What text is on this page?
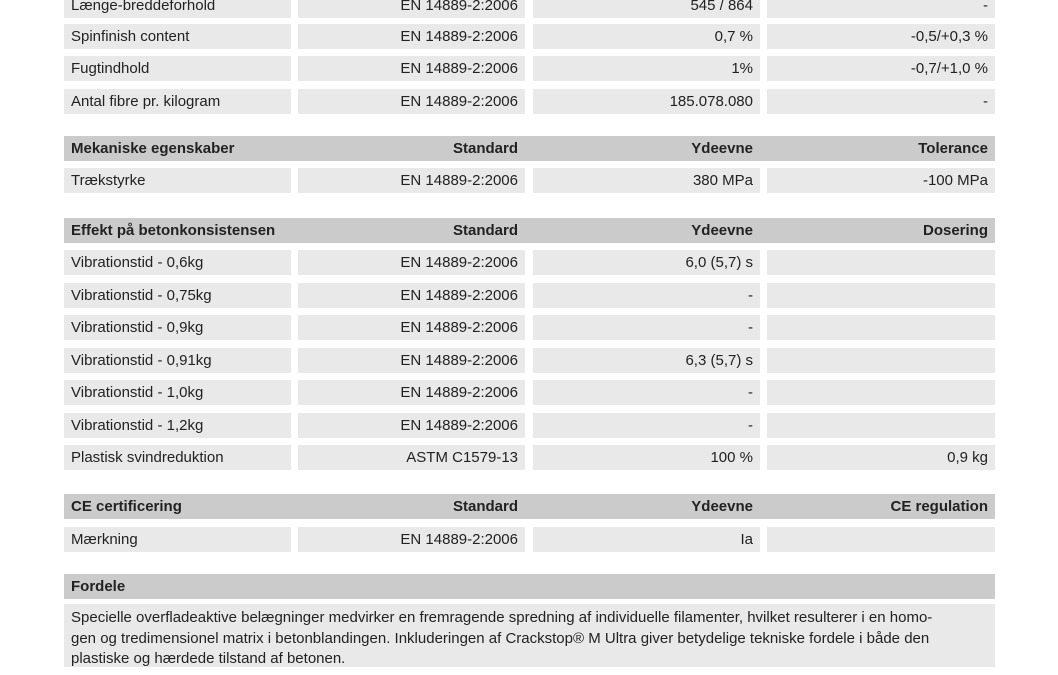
Længe-breddeforhold	EN 14889-2:2006	545 / 864	-
Spinfinish content	EN 14889-2:2006	0,7 %	-0,5/+0,3 %
Fugtindhold	EN 14889-2:2006	1%	-0,7/+1,0 %
Antal fibre pr. kilogram	EN 14889-2:2006	185.078.080	-
Mekaniske egenskaber	Standard	Ydeevne	Tolerance
Trækstyrke	EN 14889-2:2006	380 MPa	-100 MPa
Effekt på betonkonsistensen	Standard	Ydeevne	Dosering
Vibrationstid - 0,6kg	EN 14889-2:2006	6,0 (5,7) s
Vibrationstid - 0,75kg	EN 14889-2:2006	-
Vibrationstid - 0,9kg	EN 14889-2:2006	-
Vibrationstid - 0,91kg	EN 14889-2:2006	6,3 (5,7) s
Vibrationstid - 1,0kg	EN 14889-2:2006	-
Vibrationstid - 1,2kg	EN 14889-2:2006	-
Plastisk svindreduktion	ASTM C1579-13	100 %	0,9 kg
CE certificering	Standard	Ydeevne	CE regulation
Mærkning	EN 14889-2:2006	Ia
Fordele
Specielle overfladeaktive belægninger medvirker en fremragende spredning af individuelle filamenter, hvilket resulterer i en homo-
gen og tredimensionel matrix i betonblandingen. Inkluderingen af Crackstop® M Ultra giver betydelige tekniske fordele i både den
plastiske og hærdede tilstand af betonen.
